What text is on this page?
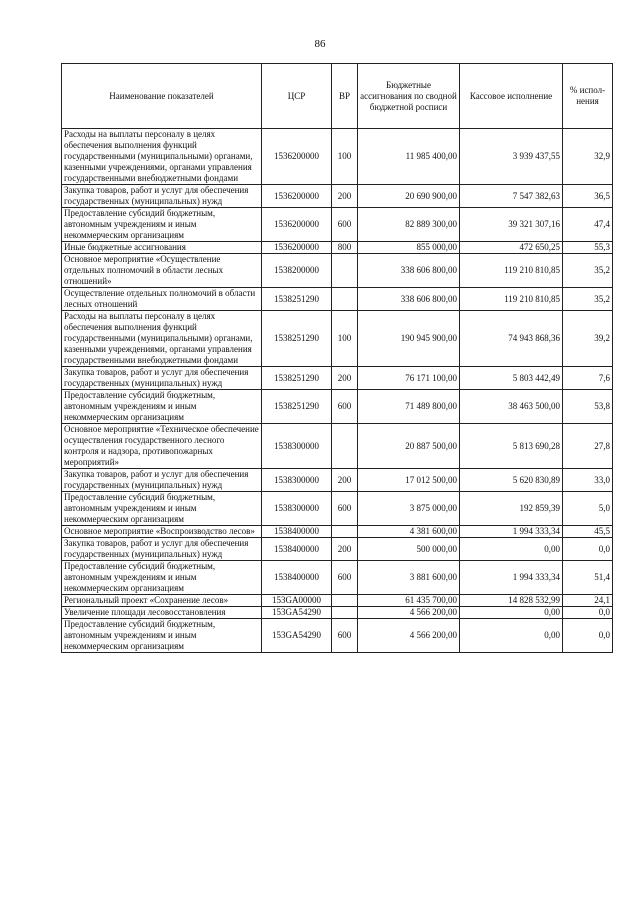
86
Наименование показателей	ЦСР	ВР	Бюджетные ассигнования по сводной бюджетной росписи	Кассовое исполнение	% испол-нения
Расходы на выплаты персоналу в целях обеспечения выполнения функций государственными (муниципальными) органами, казенными учреждениями, органами управления государственными внебюджетными фондами	1536200000	100	11 985 400,00	3 939 437,55	32,9
Закупка товаров, работ и услуг для обеспечения государственных (муниципальных) нужд	1536200000	200	20 690 900,00	7 547 382,63	36,5
Предоставление субсидий бюджетным, автономным учреждениям и иным некоммерческим организациям	1536200000	600	82 889 300,00	39 321 307,16	47,4
Иные бюджетные ассигнования	1536200000	800	855 000,00	472 650,25	55,3
Основное мероприятие «Осуществление отдельных полномочий в области лесных отношений»	1538200000		338 606 800,00	119 210 810,85	35,2
Осуществление отдельных полномочий в области лесных отношений	1538251290		338 606 800,00	119 210 810,85	35,2
Расходы на выплаты персоналу в целях обеспечения выполнения функций государственными (муниципальными) органами, казенными учреждениями, органами управления государственными внебюджетными фондами	1538251290	100	190 945 900,00	74 943 868,36	39,2
Закупка товаров, работ и услуг для обеспечения государственных (муниципальных) нужд	1538251290	200	76 171 100,00	5 803 442,49	7,6
Предоставление субсидий бюджетным, автономным учреждениям и иным некоммерческим организациям	1538251290	600	71 489 800,00	38 463 500,00	53,8
Основное мероприятие «Техническое обеспечение осуществления государственного лесного контроля и надзора, противопожарных мероприятий»	1538300000		20 887 500,00	5 813 690,28	27,8
Закупка товаров, работ и услуг для обеспечения государственных (муниципальных) нужд	1538300000	200	17 012 500,00	5 620 830,89	33,0
Предоставление субсидий бюджетным, автономным учреждениям и иным некоммерческим организациям	1538300000	600	3 875 000,00	192 859,39	5,0
Основное мероприятие «Воспроизводство лесов»	1538400000		4 381 600,00	1 994 333,34	45,5
Закупка товаров, работ и услуг для обеспечения государственных (муниципальных) нужд	1538400000	200	500 000,00	0,00	0,0
Предоставление субсидий бюджетным, автономным учреждениям и иным некоммерческим организациям	1538400000	600	3 881 600,00	1 994 333,34	51,4
Региональный проект «Сохранение лесов»	153GA00000		61 435 700,00	14 828 532,99	24,1
Увеличение площади лесовосстановления	153GA54290		4 566 200,00	0,00	0,0
Предоставление субсидий бюджетным, автономным учреждениям и иным некоммерческим организациям	153GA54290	600	4 566 200,00	0,00	0,0
